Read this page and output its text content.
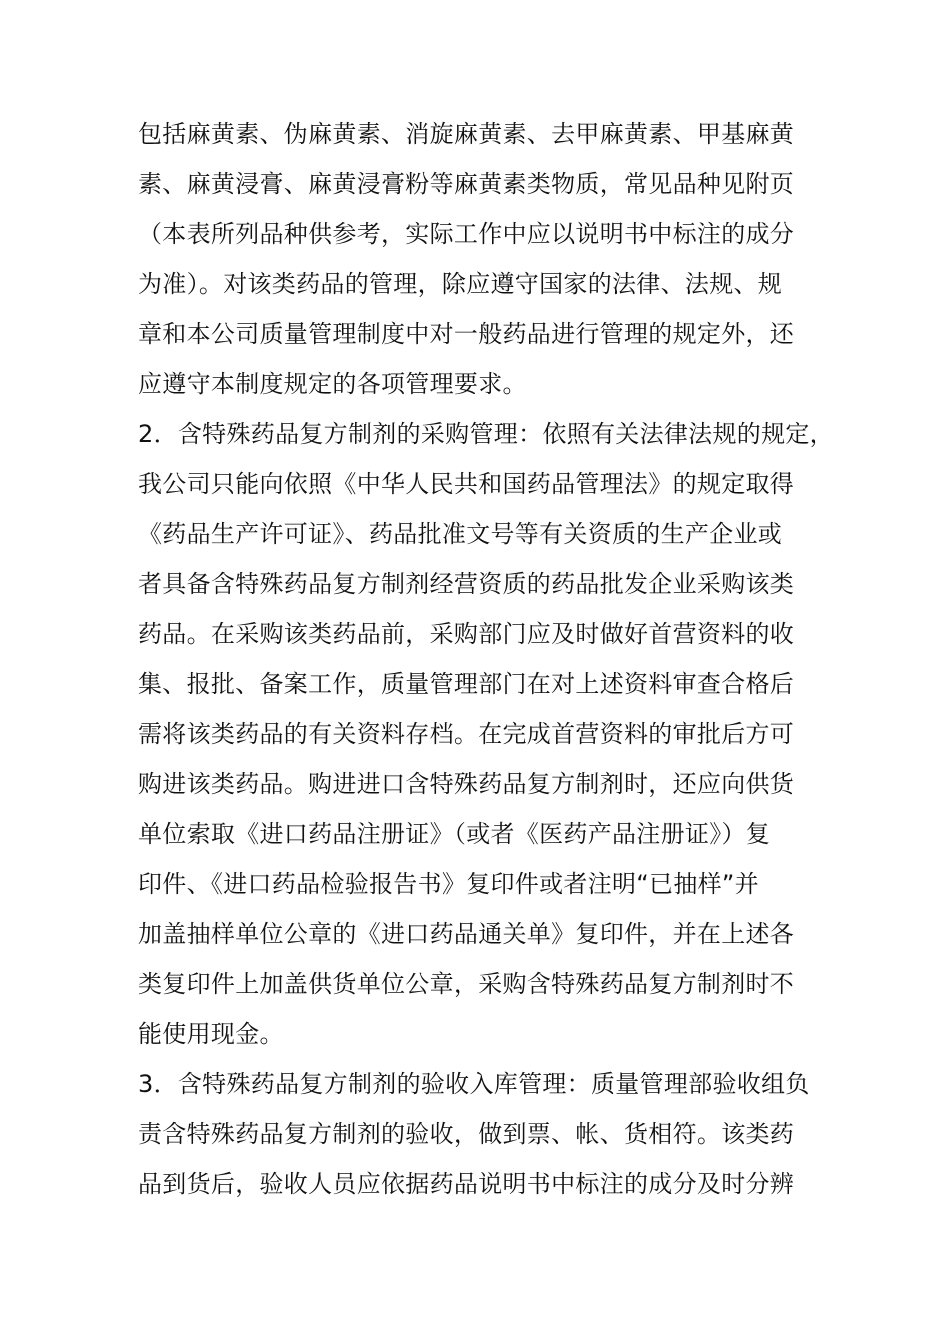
包括麻黄素、伪麻黄素、消旋麻黄素、去甲麻黄素、甲基麻黄
素、麻黄浸膏、麻黄浸膏粉等麻黄素类物质，常见品种见附页
（本表所列品种供参考，实际工作中应以说明书中标注的成分
为准）。对该类药品的管理，除应遵守国家的法律、法规、规
章和本公司质量管理制度中对一般药品进行管理的规定外，还
应遵守本制度规定的各项管理要求。
2．含特殊药品复方制剂的采购管理：依照有关法律法规的规定，
我公司只能向依照《中华人民共和国药品管理法》的规定取得
《药品生产许可证》、药品批准文号等有关资质的生产企业或
者具备含特殊药品复方制剂经营资质的药品批发企业采购该类
药品。在采购该类药品前，采购部门应及时做好首营资料的收
集、报批、备案工作，质量管理部门在对上述资料审查合格后
需将该类药品的有关资料存档。在完成首营资料的审批后方可
购进该类药品。购进进口含特殊药品复方制剂时，还应向供货
单位索取《进口药品注册证》（或者《医药产品注册证》）复
印件、《进口药品检验报告书》复印件或者注明“已抽样”并
加盖抽样单位公章的《进口药品通关单》复印件，并在上述各
类复印件上加盖供货单位公章，采购含特殊药品复方制剂时不
能使用现金。
3．含特殊药品复方制剂的验收入库管理：质量管理部验收组负
责含特殊药品复方制剂的验收，做到票、帐、货相符。该类药
品到货后，验收人员应依据药品说明书中标注的成分及时分辨
